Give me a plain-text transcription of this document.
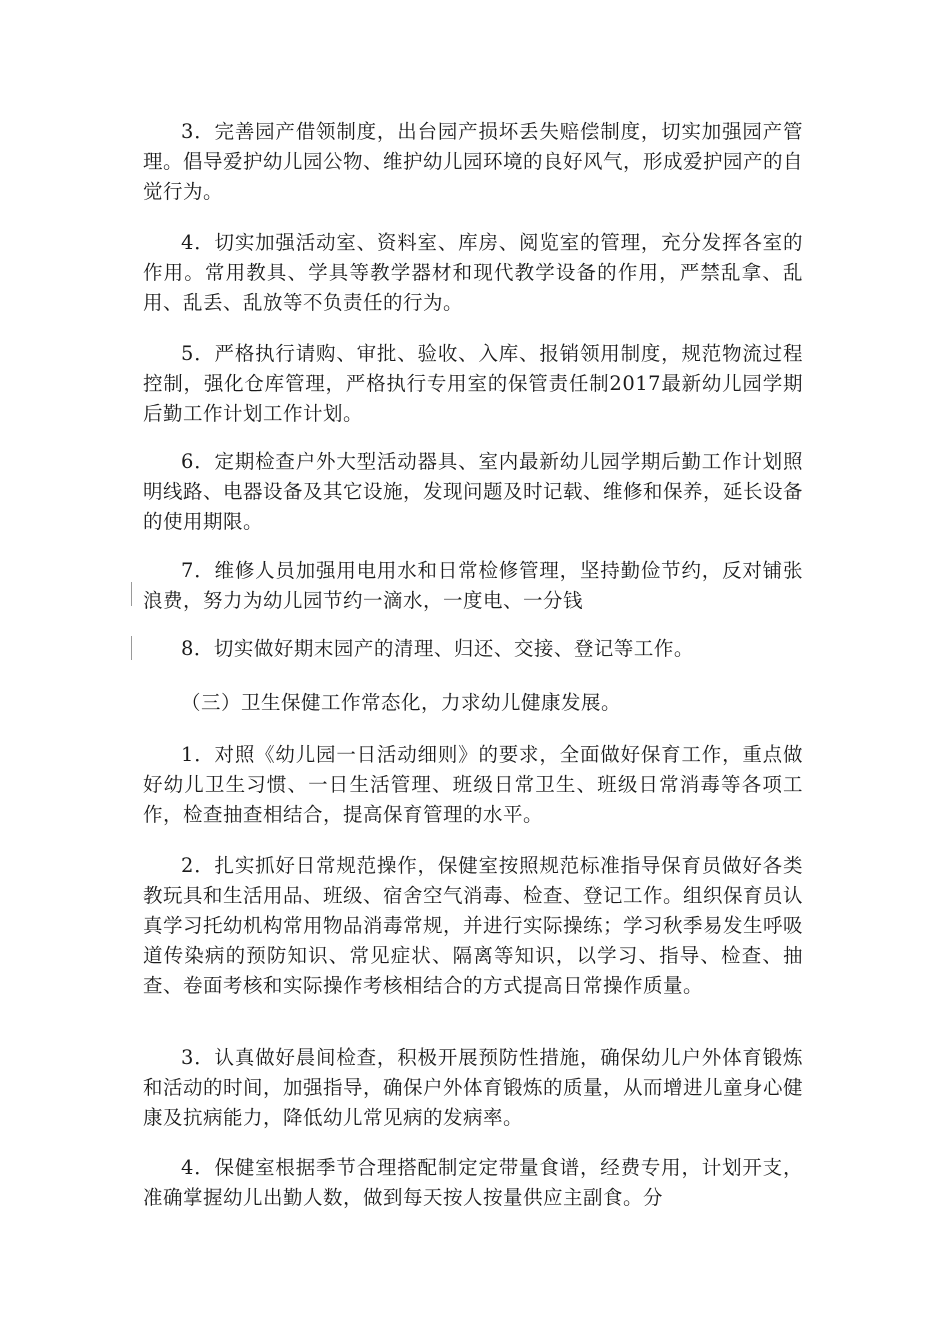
3．完善园产借领制度，出台园产损坏丢失赔偿制度，切实加强园产管理。倡导爱护幼儿园公物、维护幼儿园环境的良好风气，形成爱护园产的自觉行为。

4．切实加强活动室、资料室、库房、阅览室的管理，充分发挥各室的作用。常用教具、学具等教学器材和现代教学设备的作用，严禁乱拿、乱用、乱丢、乱放等不负责任的行为。

5．严格执行请购、审批、验收、入库、报销领用制度，规范物流过程控制，强化仓库管理，严格执行专用室的保管责任制2017最新幼儿园学期后勤工作计划工作计划。

6．定期检查户外大型活动器具、室内最新幼儿园学期后勤工作计划照明线路、电器设备及其它设施，发现问题及时记载、维修和保养，延长设备的使用期限。

7．维修人员加强用电用水和日常检修管理，坚持勤俭节约，反对铺张浪费，努力为幼儿园节约一滴水，一度电、一分钱

8．切实做好期末园产的清理、归还、交接、登记等工作。

（三）卫生保健工作常态化，力求幼儿健康发展。

1．对照《幼儿园一日活动细则》的要求，全面做好保育工作，重点做好幼儿卫生习惯、一日生活管理、班级日常卫生、班级日常消毒等各项工作，检查抽查相结合，提高保育管理的水平。

2．扎实抓好日常规范操作，保健室按照规范标准指导保育员做好各类教玩具和生活用品、班级、宿舍空气消毒、检查、登记工作。组织保育员认真学习托幼机构常用物品消毒常规，并进行实际操练；学习秋季易发生呼吸道传染病的预防知识、常见症状、隔离等知识，以学习、指导、检查、抽查、卷面考核和实际操作考核相结合的方式提高日常操作质量。

3．认真做好晨间检查，积极开展预防性措施，确保幼儿户外体育锻炼和活动的时间，加强指导，确保户外体育锻炼的质量，从而增进儿童身心健康及抗病能力，降低幼儿常见病的发病率。

4．保健室根据季节合理搭配制定定带量食谱，经费专用，计划开支，准确掌握幼儿出勤人数，做到每天按人按量供应主副食。分
